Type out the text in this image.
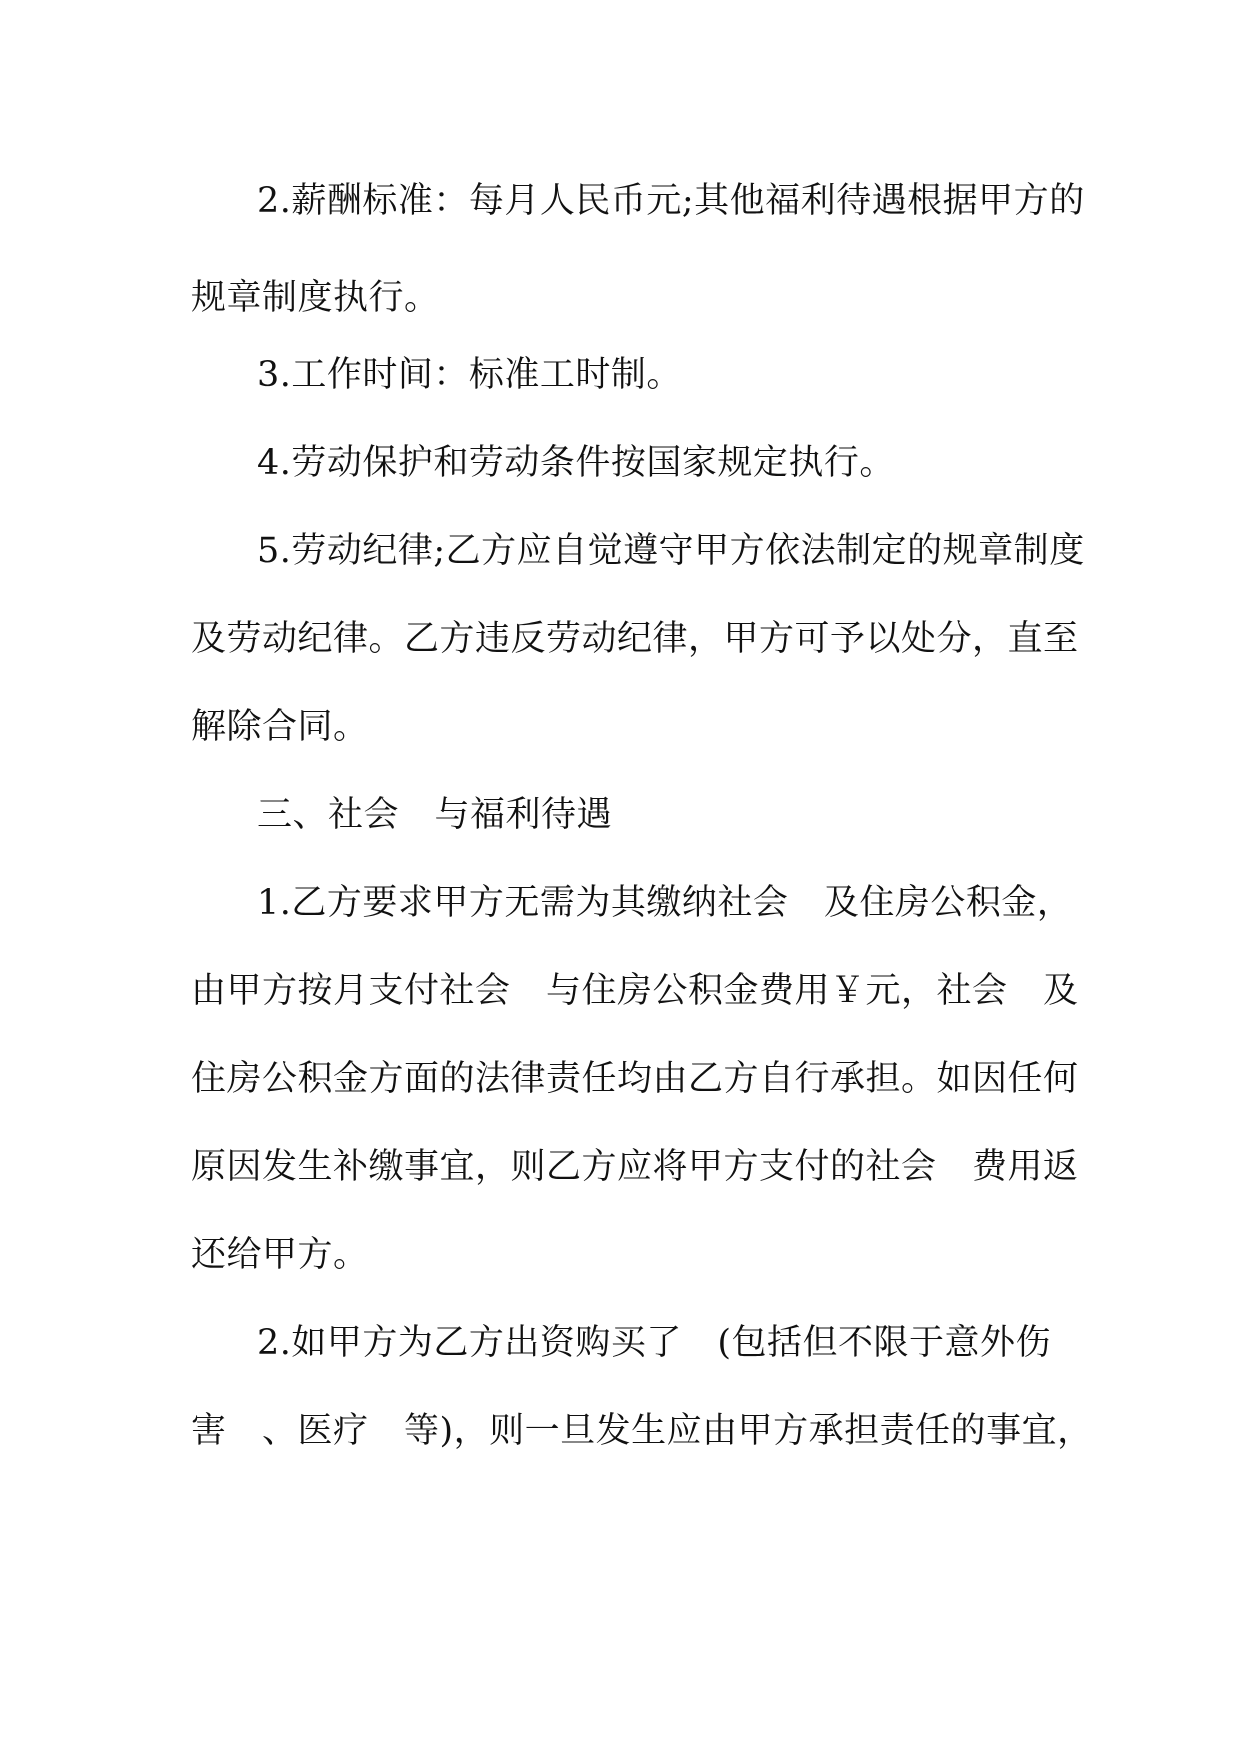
2.薪酬标准：每月人民币元;其他福利待遇根据甲方的
规章制度执行。
3.工作时间：标准工时制。
4.劳动保护和劳动条件按国家规定执行。
5.劳动纪律;乙方应自觉遵守甲方依法制定的规章制度
及劳动纪律。乙方违反劳动纪律，甲方可予以处分，直至
解除合同。
三、社会　与福利待遇
1.乙方要求甲方无需为其缴纳社会　及住房公积金，
由甲方按月支付社会　与住房公积金费用￥元，社会　及
住房公积金方面的法律责任均由乙方自行承担。如因任何
原因发生补缴事宜，则乙方应将甲方支付的社会　费用返
还给甲方。
2.如甲方为乙方出资购买了　(包括但不限于意外伤
害　、医疗　等)，则一旦发生应由甲方承担责任的事宜，
